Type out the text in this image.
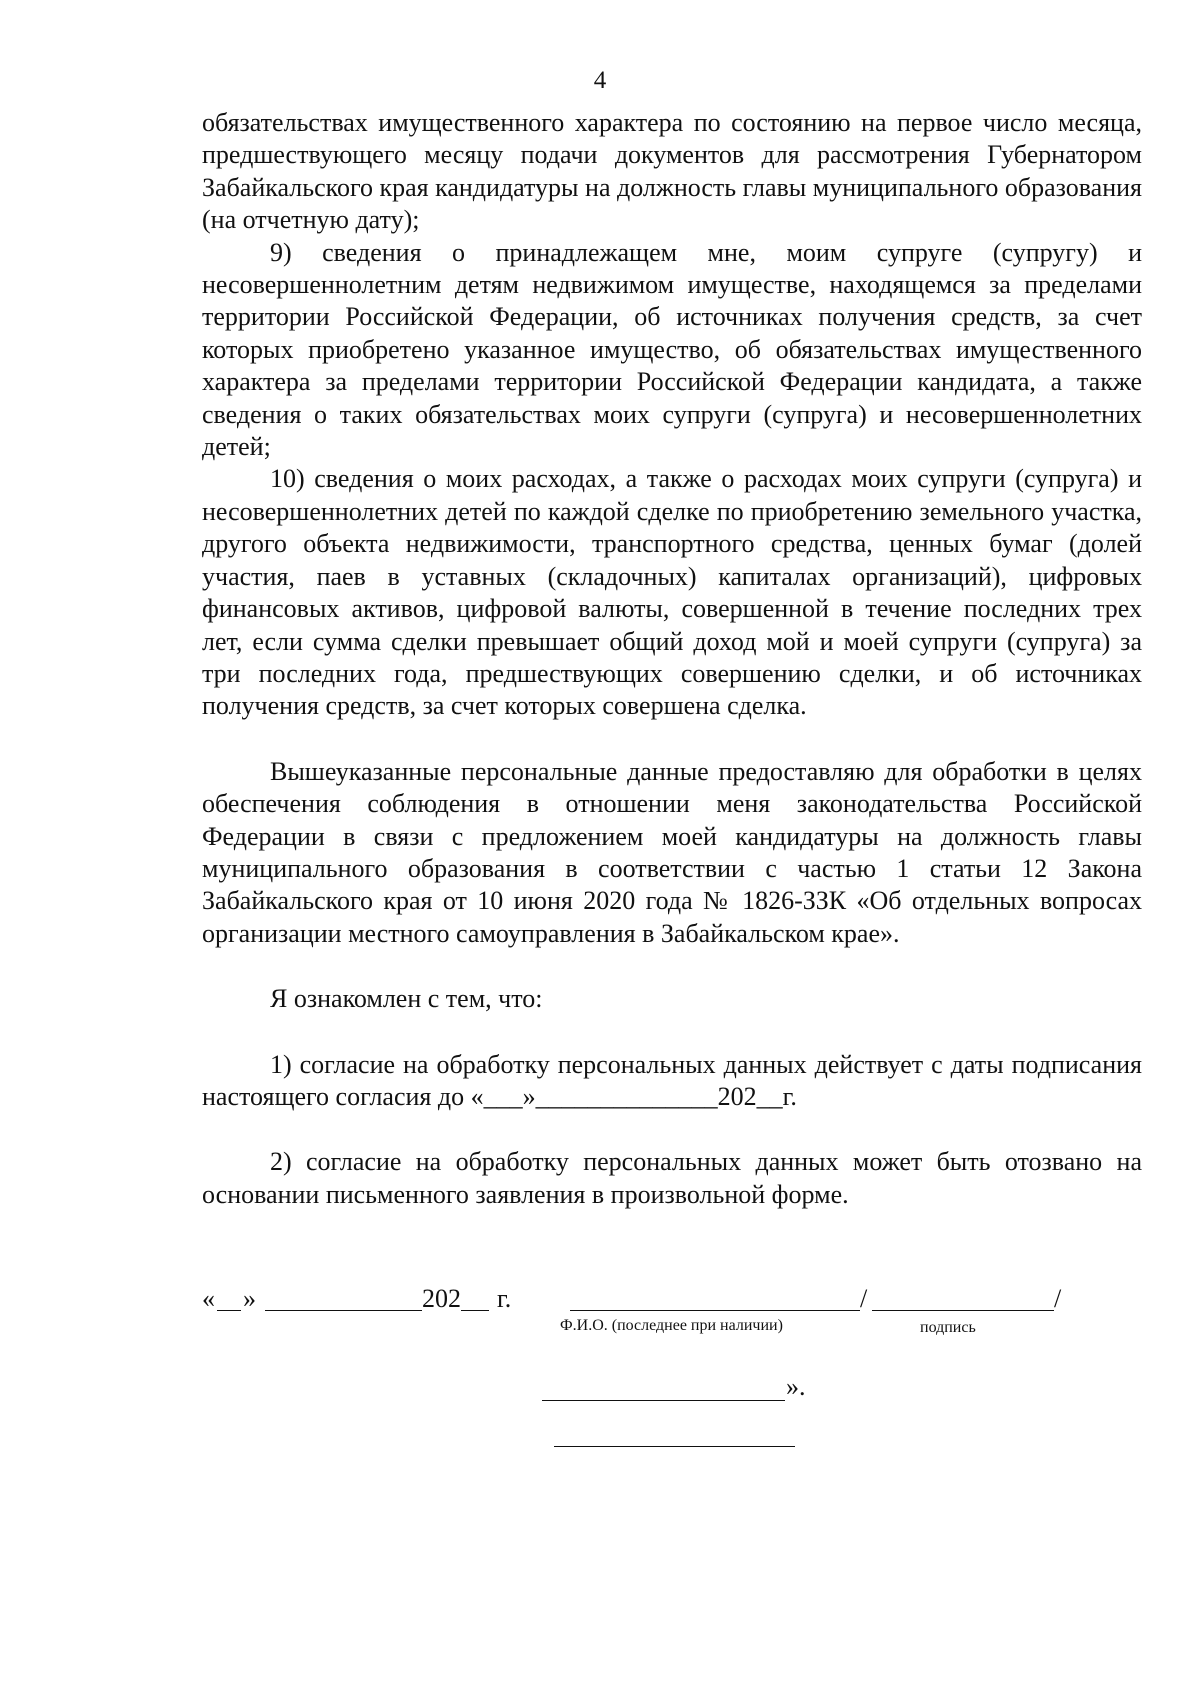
4

обязательствах имущественного характера по состоянию на первое число месяца, предшествующего месяцу подачи документов для рассмотрения Губернатором Забайкальского края кандидатуры на должность главы муниципального образования (на отчетную дату);

9) сведения о принадлежащем мне, моим супруге (супругу) и несовершеннолетним детям недвижимом имуществе, находящемся за пределами территории Российской Федерации, об источниках получения средств, за счет которых приобретено указанное имущество, об обязательствах имущественного характера за пределами территории Российской Федерации кандидата, а также сведения о таких обязательствах моих супруги (супруга) и несовершеннолетних детей;

10) сведения о моих расходах, а также о расходах моих супруги (супруга) и несовершеннолетних детей по каждой сделке по приобретению земельного участка, другого объекта недвижимости, транспортного средства, ценных бумаг (долей участия, паев в уставных (складочных) капиталах организаций), цифровых финансовых активов, цифровой валюты, совершенной в течение последних трех лет, если сумма сделки превышает общий доход мой и моей супруги (супруга) за три последних года, предшествующих совершению сделки, и об источниках получения средств, за счет которых совершена сделка.

Вышеуказанные персональные данные предоставляю для обработки в целях обеспечения соблюдения в отношении меня законодательства Российской Федерации в связи с предложением моей кандидатуры на должность главы муниципального образования в соответствии с частью 1 статьи 12 Закона Забайкальского края от 10 июня 2020 года № 1826-ЗЗК «Об отдельных вопросах организации местного самоуправления в Забайкальском крае».

Я ознакомлен с тем, что:

1) согласие на обработку персональных данных действует с даты подписания настоящего согласия до «___»______________202__г.

2) согласие на обработку персональных данных может быть отозвано на основании письменного заявления в произвольной форме.

« »	202 г.	/	/
Ф.И.О. (последнее при наличии)	подпись
».
